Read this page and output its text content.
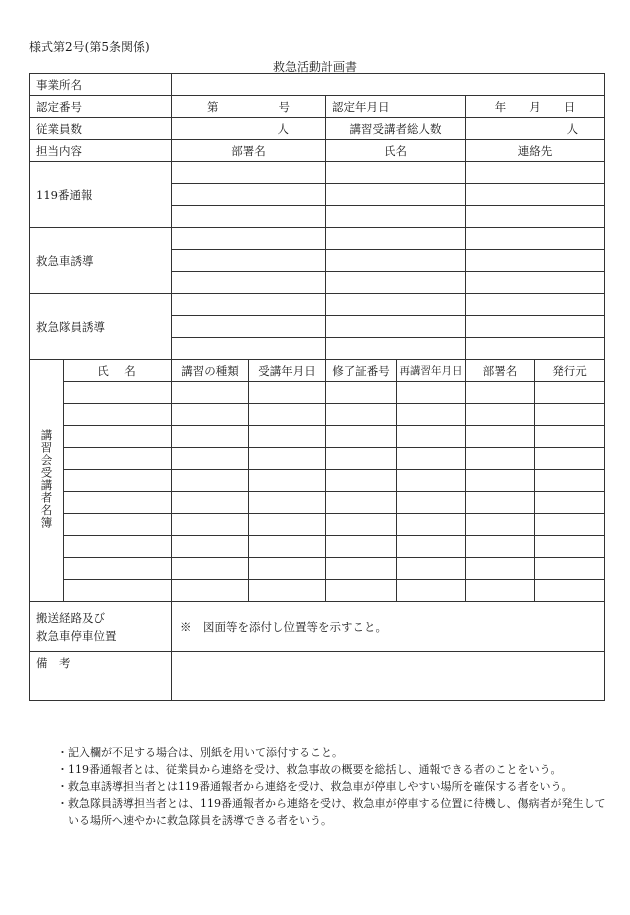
様式第2号(第5条関係)
救急活動計画書
事業所名							
認定番号		第 号		認定年月日		年　　月　　日	
従業員数		人		講習受講者総人数		人	
担当内容		部署名		氏名		連絡先	
119番通報							

救急車誘導							

救急隊員誘導							

講習会受講者名簿	氏　名	講習の種類	受講年月日	修了証番号	再講習年月日	部署名	発行元

搬送経路及び
救急車停車位置		※　図面等を添付し位置等を示すこと。					
備　考							
・記入欄が不足する場合は、別紙を用いて添付すること。
・119番通報者とは、従業員から連絡を受け、救急事故の概要を総括し、通報できる者のことをいう。
・救急車誘導担当者とは119番通報者から連絡を受け、救急車が停車しやすい場所を確保する者をいう。
・救急隊員誘導担当者とは、119番通報者から連絡を受け、救急車が停車する位置に待機し、傷病者が発生している場所へ速やかに救急隊員を誘導できる者をいう。
